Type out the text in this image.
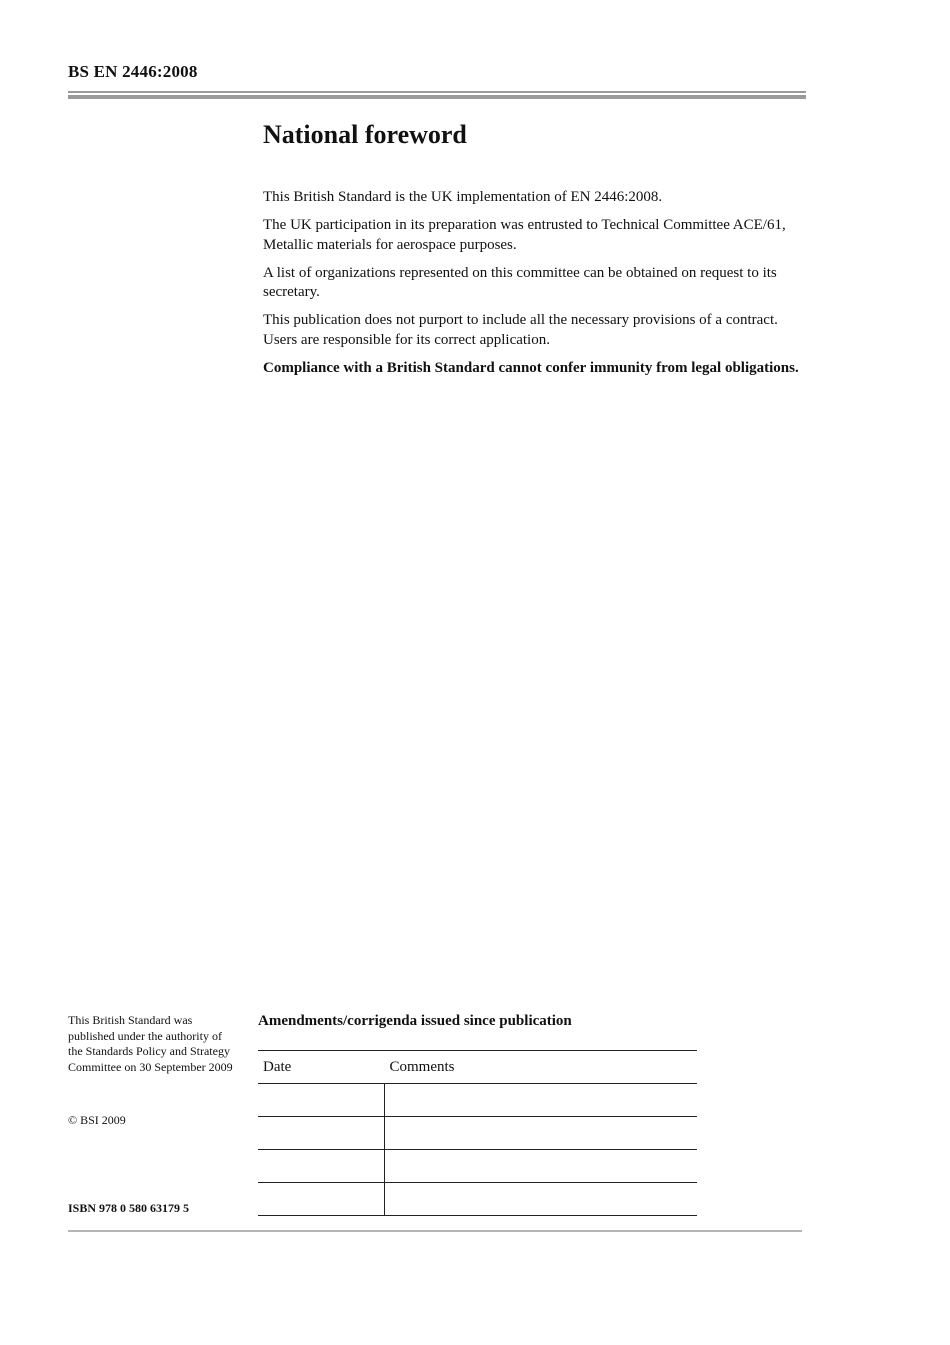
BS EN 2446:2008
National foreword

This British Standard is the UK implementation of EN 2446:2008.

The UK participation in its preparation was entrusted to Technical Committee ACE/61, Metallic materials for aerospace purposes.

A list of organizations represented on this committee can be obtained on request to its secretary.

This publication does not purport to include all the necessary provisions of a contract. Users are responsible for its correct application.

Compliance with a British Standard cannot confer immunity from legal obligations.

This British Standard was published under the authority of the Standards Policy and Strategy Committee on 30 September 2009

© BSI 2009
ISBN 978 0 580 63179 5
Amendments/corrigenda issued since publication
Date	Comments
